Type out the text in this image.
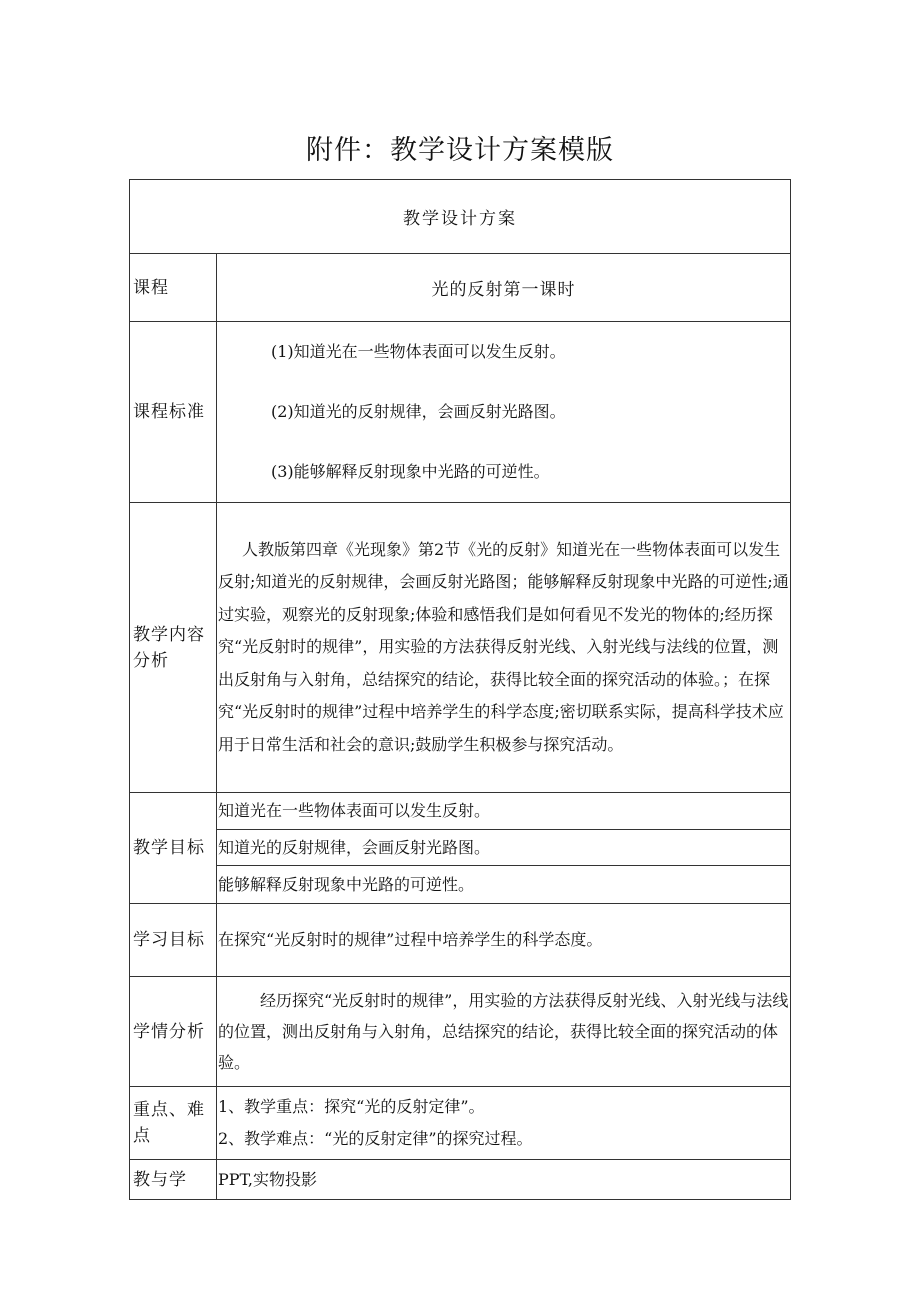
附件：教学设计方案模版
教学设计方案	
课程	光的反射第一课时
课程标准	(1)知道光在一些物体表面可以发生反射。
(2)知道光的反射规律，会画反射光路图。
(3)能够解释反射现象中光路的可逆性。

教学内容分析	人教版第四章《光现象》第2节《光的反射》知道光在一些物体表面可以发生反射;知道光的反射规律，会画反射光路图；能够解释反射现象中光路的可逆性;通过实验，观察光的反射现象;体验和感悟我们是如何看见不发光的物体的;经历探究“光反射时的规律”，用实验的方法获得反射光线、入射光线与法线的位置，测出反射角与入射角，总结探究的结论，获得比较全面的探究活动的体验。；在探究“光反射时的规律”过程中培养学生的科学态度;密切联系实际，提高科学技术应用于日常生活和社会的意识;鼓励学生积极参与探究活动。

教学目标	知道光在一些物体表面可以发生反射。
	知道光的反射规律，会画反射光路图。
	能够解释反射现象中光路的可逆性。
学习目标	在探究“光反射时的规律”过程中培养学生的科学态度。
学情分析	经历探究“光反射时的规律”，用实验的方法获得反射光线、入射光线与法线的位置，测出反射角与入射角，总结探究的结论，获得比较全面的探究活动的体验。

重点、难点	1、教学重点：探究“光的反射定律”。
2、教学难点：“光的反射定律”的探究过程。

教与学	PPT,实物投影
